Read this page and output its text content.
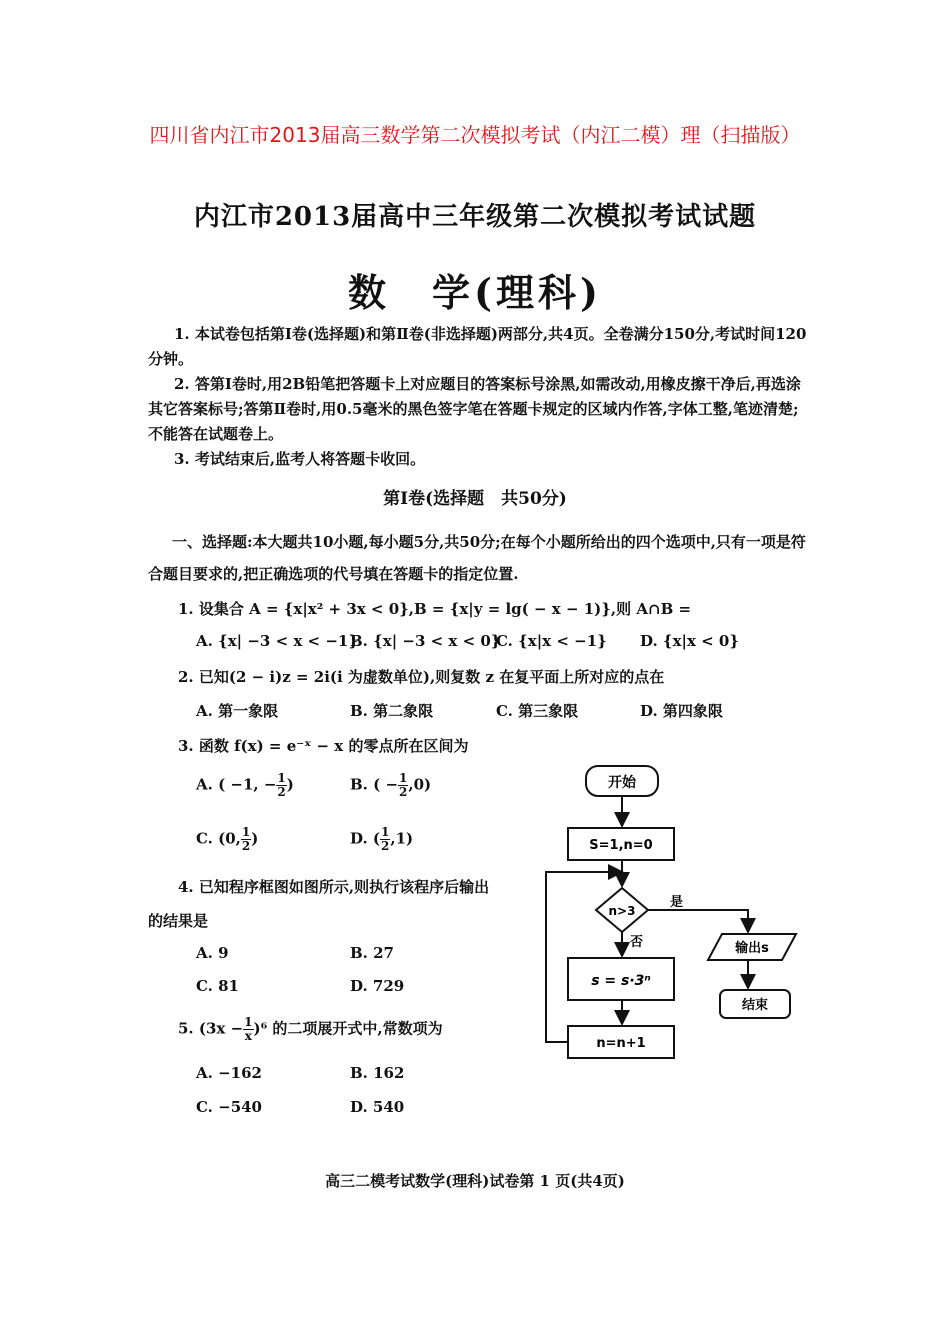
四川省内江市2013届高三数学第二次模拟考试（内江二模）理（扫描版）
内江市2013届高中三年级第二次模拟考试试题
数　学(理科)

1. 本试卷包括第Ⅰ卷(选择题)和第Ⅱ卷(非选择题)两部分,共4页。全卷满分150分,考试时间120分钟。

2. 答第Ⅰ卷时,用2B铅笔把答题卡上对应题目的答案标号涂黑,如需改动,用橡皮擦干净后,再选涂其它答案标号;答第Ⅱ卷时,用0.5毫米的黑色签字笔在答题卡规定的区域内作答,字体工整,笔迹清楚;不能答在试题卷上。

3. 考试结束后,监考人将答题卡收回。

第Ⅰ卷(选择题　共50分)
一、选择题:本大题共10小题,每小题5分,共50分;在每个小题所给出的四个选项中,只有一项是符合题目要求的,把正确选项的代号填在答题卡的指定位置.
1. 设集合 A = {x|x² + 3x < 0},B = {x|y = lg( − x − 1)},则 A∩B =
A. {x| −3 < x < −1}
B. {x| −3 < x < 0}
C. {x|x < −1} D. {x|x < 0}
2. 已知(2 − i)z = 2i(i 为虚数单位),则复数 z 在复平面上所对应的点在
A. 第一象限	B. 第二象限	C. 第三象限	D. 第四象限
3. 函数 f(x) = e⁻ˣ − x 的零点所在区间为
A. ( −1, − $\frac{1}{2}$ )	B. ( − $\frac{1}{2} ,0$)
C. (0, $\frac{1}{2}$ )	D. ( $\frac{1}{2} ,1$)
4. 已知程序框图如图所示,则执行该程序后输出
的结果是
A. 9	B. 27
C. 81	D. 729
5. $(3x - \frac{1}{x} )^6$ 的二项展开式中,常数项为
A. −162	B. 162
C. −540	D. 540
开始
S=1,n=0
n>3
是
否	输出s
结束
s = s·3ⁿ
n=n+1
高三二模考试数学(理科)试卷第 1 页(共4页)
